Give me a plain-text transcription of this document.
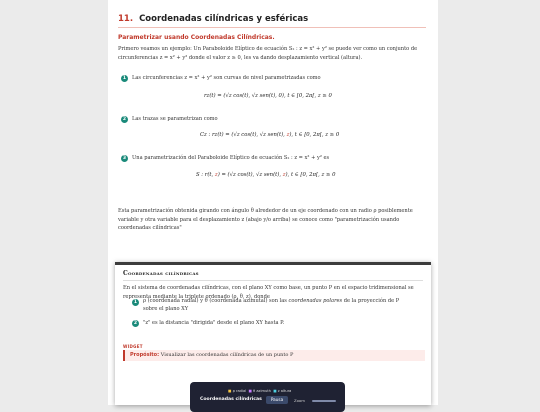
11. Coordenadas cilíndricas y esféricas
Parametrizar usando Coordenadas Cilíndricas.
Primero veamos un ejemplo: Un Paraboloide Elíptico de ecuación S₂ : z = x² + y² se puede ver como un conjunto de circunferencias z = x² + y² donde el valor z ≥ 0, les va dando desplazamiento vertical (altura).
1	Las circunferencias z = x² + y² son curvas de nivel parametrizadas como
rz(t) = (√z cos(t), √z sen(t), 0), t ∈ [0, 2π[, z ≥ 0
2	Las trazas se parametrizan como
Cz : rz(t) = (√z cos(t), √z sen(t), z), t ∈ [0, 2π[, z ≥ 0
3	Una parametrización del Paraboloide Elíptico de ecuación S₂ : z = x² + y² es
S : r(t, z) = (√z cos(t), √z sen(t), z), t ∈ [0, 2π[, z ≥ 0
Esta parametrización obtenida girando con ángulo θ alrededor de un eje coordenado con un radio ρ posiblemente variable y otra variable para el desplazamiento z (abajo y/o arriba) se conoce como "parametrización usando coordenadas cilíndricas"
Coordenadas cilíndricas
En el sistema de coordenadas cilíndricas, con el plano XY como base, un punto P en el espacio tridimensional se representa mediante la triplete ordenado (ρ, θ, z), donde
1	ρ (coordenada radial) y θ (coordenada azimutal) son las coordenadas polares de la proyección de P
sobre el plano XY
2	"z" es la distancia "dirigida" desde el plano XY hasta P.
WIDGET
Propósito: Visualizar las coordenadas cilíndricas de un punto P
■ ρ radial ■ θ azimuth ■ z altura
Coordenadas cilíndricas	Pausa	Zoom
